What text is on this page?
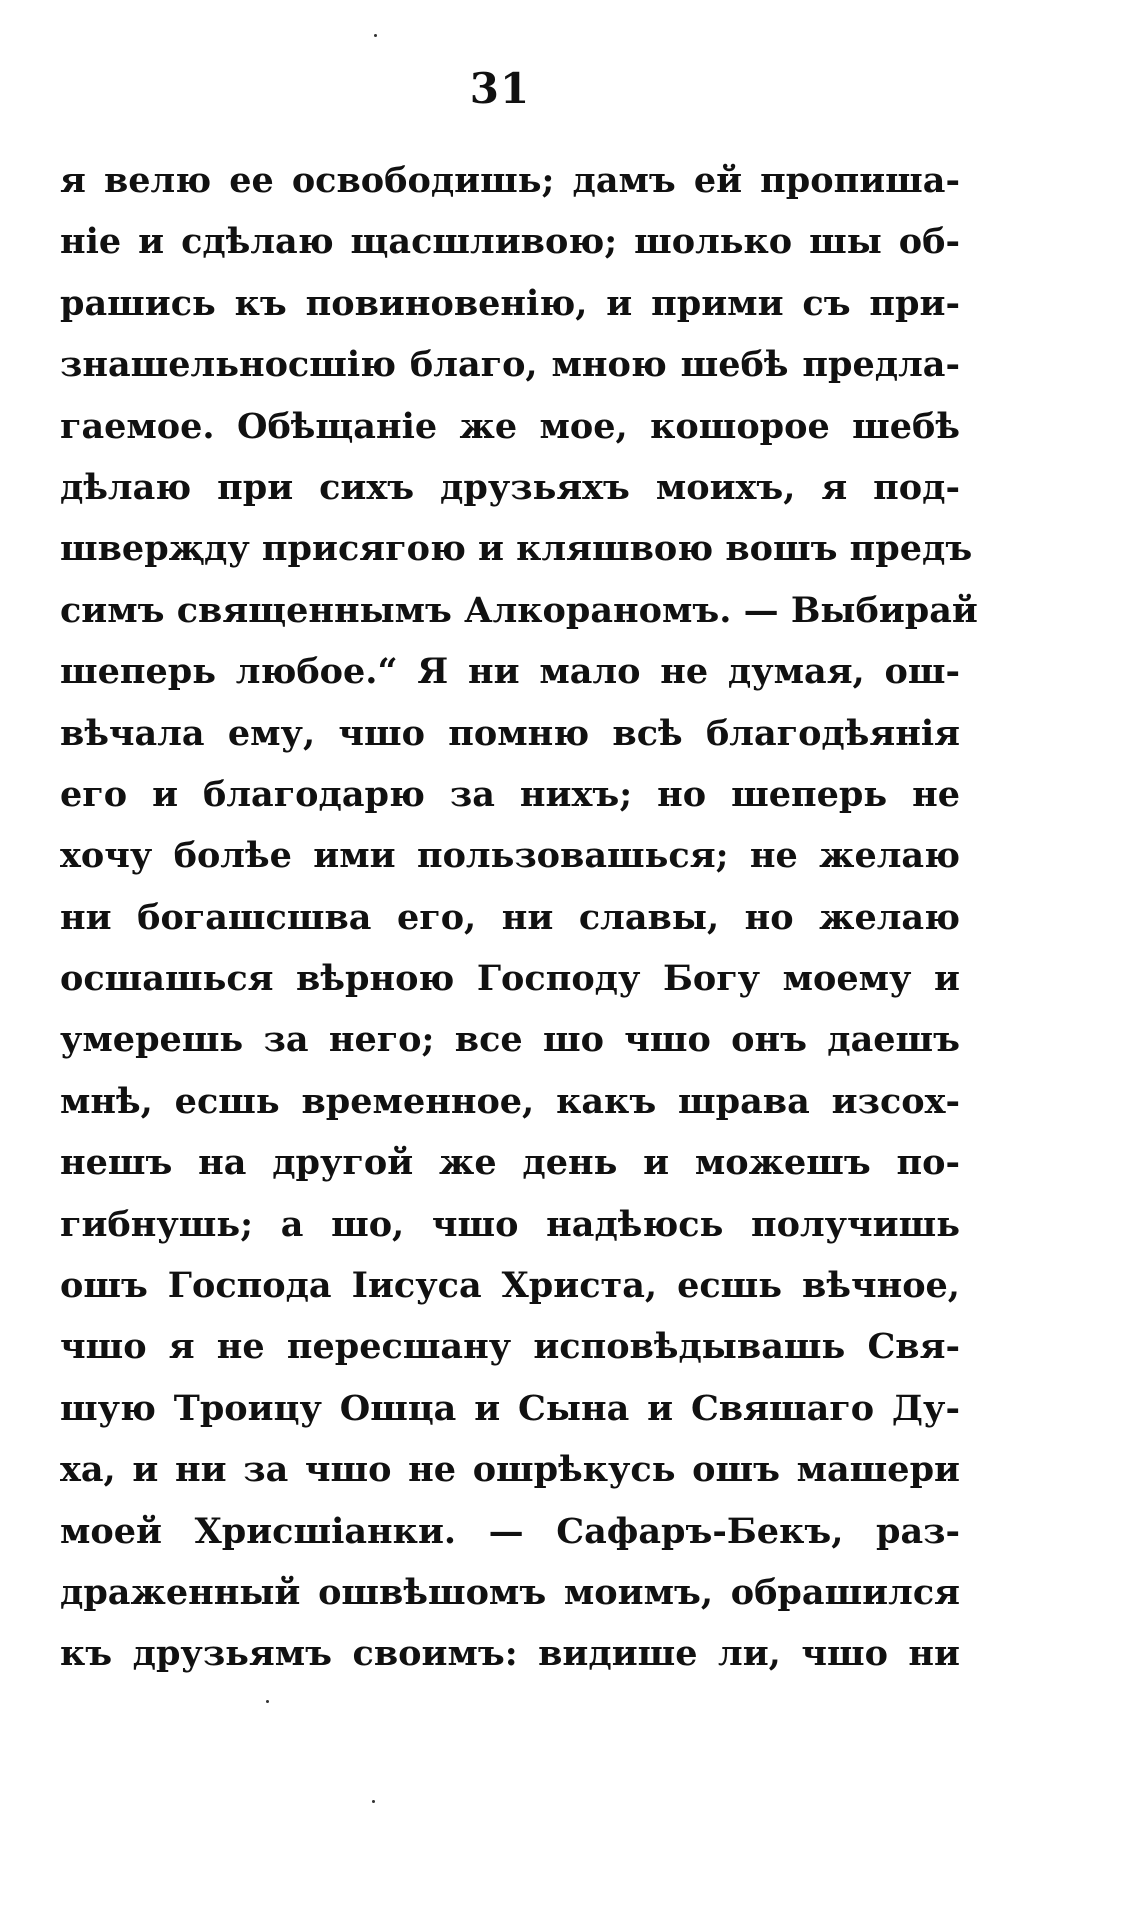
31
я велю ее освободишь; дамъ ей пропиша-
ніе и сдѣлаю щасшливою; шолько шы об-
рашись къ повиновенію, и прими съ при-
знашельносшію благо, мною шебѣ предла-
гаемое. Обѣщаніе же мое, кошорое шебѣ
дѣлаю при сихъ друзьяхъ моихъ, я под-
шверҗду присягою и кляшвою вошъ предъ
симъ священнымъ Алкораномъ. — Выбирай
шеперь любое.“ Я ни мало не думая, ош-
вѣчала ему, чшо помню всѣ благодѣянія
его и благодарю за нихъ; но шеперь не
хочу болѣе ими пользовашься; не желаю
ни богашсшва его, ни славы, но желаю
осшашься вѣрною Господу Богу моему и
умерешь за него; все шо чшо онъ даешъ
мнѣ, есшь временное, какъ шрава изсох-
нешъ на другой же день и можешъ по-
гибнушь; а шо, чшо надѣюсь получишь
ошъ Господа Іисуса Христа, есшь вѣчное,
чшо я не пересшану исповѣдывашь Свя-
шую Троицу Ошца и Сына и Свяшаго Ду-
ха, и ни за чшо не ошрѣкусь ошъ машери
моей Хрисшіанки. — Сафаръ-Бекъ, раз-
драженный ошвѣшомъ моимъ, обрашился
къ друзьямъ своимъ: видише ли, чшо ни
